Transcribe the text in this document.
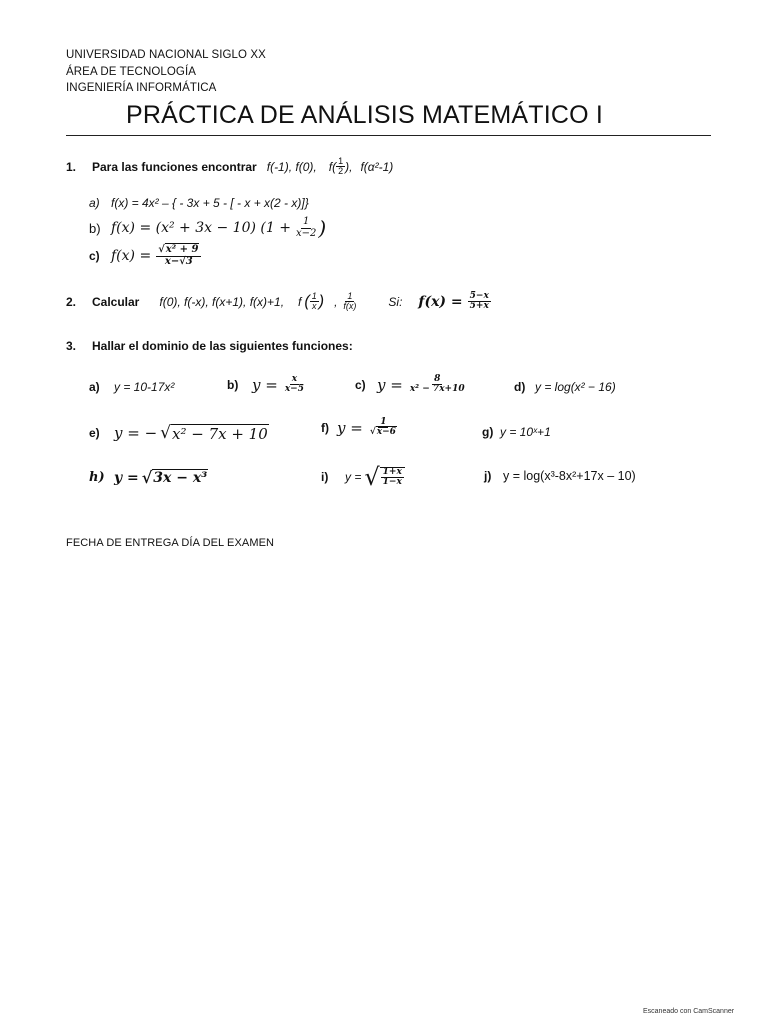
UNIVERSIDAD NACIONAL SIGLO XX
ÁREA DE TECNOLOGÍA
INGENIERÍA INFORMÁTICA
PRÁCTICA DE ANÁLISIS MATEMÁTICO I
1.	Para las funciones encontrar f(-1), f(0), f ( $\frac{1}{2}$ ), f(α²-1)
a) f(x) = 4x² – { - 3x + 5 - [ - x + x(2 - x)]}
b) f(x) = (x² + 3x − 10) ($1 + \frac{1}{x-2}$ )
c) $f(x) = \frac{\text{√x² + 9}}{x-√3}$
2.	Calcular f(0), f(-x), f(x+1), f(x)+1, f ( $\frac{1}{x}$ ) , $\frac{1}{f(x)}$	Si: $f(x) = \frac{5-x}{5+x}$
3.	Hallar el dominio de las siguientes funciones:
a)	y = 10-17x²	b) $y = \frac{x}{x-5}$	c) $y = \frac{8}{\text{x² − 7x+10}}$	d) y = log(x² − 16)
e) y = − √ x² − 7x + 10	f) $y = \frac{1}{√x-6}$	g) y = 10ˣ+1
h) y = √ 3x − x³	i)	y = √ $\frac{1+x}{1-x}$	j) y = log(x³-8x²+17x – 10)
FECHA DE ENTREGA DÍA DEL EXAMEN
Escaneado con CamScanner
